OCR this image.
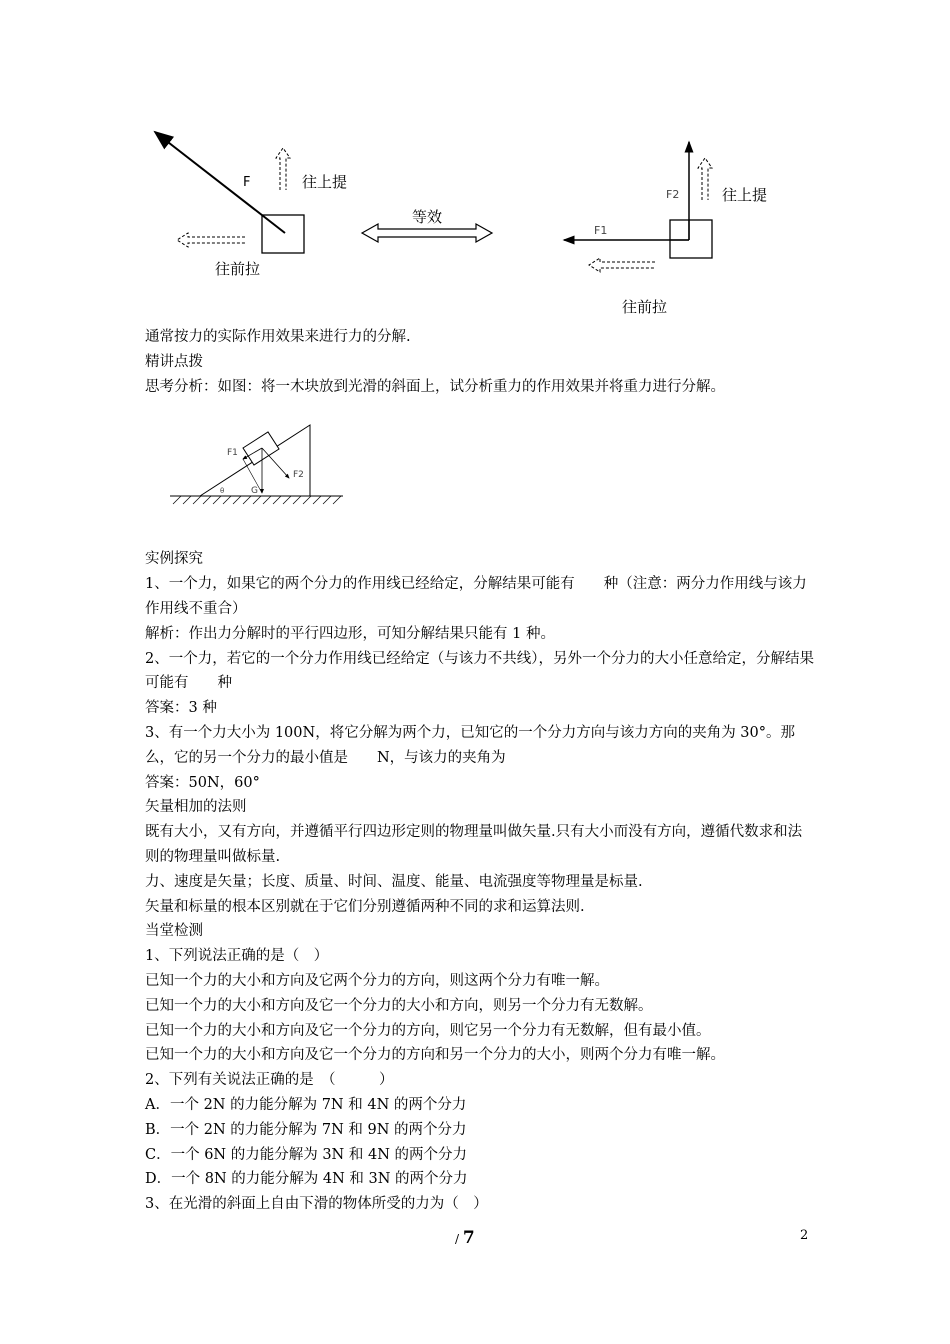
F	往上提
往前拉
等效
F2
F1
往上提
往前拉
F1
F2
θ	G
通常按力的实际作用效果来进行力的分解.
精讲点拨
思考分析：如图：将一木块放到光滑的斜面上，试分析重力的作用效果并将重力进行分解。
实例探究
1、一个力，如果它的两个分力的作用线已经给定，分解结果可能有　　种（注意：两分力作用线与该力作用线不重合）
解析：作出力分解时的平行四边形，可知分解结果只能有 1 种。
2、一个力，若它的一个分力作用线已经给定（与该力不共线），另外一个分力的大小任意给定，分解结果可能有　　种
答案：3 种
3、有一个力大小为 100N，将它分解为两个力，已知它的一个分力方向与该力方向的夹角为 30°。那么，它的另一个分力的最小值是　　N，与该力的夹角为
答案：50N，60°
矢量相加的法则
既有大小，又有方向，并遵循平行四边形定则的物理量叫做矢量.只有大小而没有方向，遵循代数求和法则的物理量叫做标量.
力、速度是矢量；长度、质量、时间、温度、能量、电流强度等物理量是标量.
矢量和标量的根本区别就在于它们分别遵循两种不同的求和运算法则.
当堂检测
1、下列说法正确的是（　）
已知一个力的大小和方向及它两个分力的方向，则这两个分力有唯一解。
已知一个力的大小和方向及它一个分力的大小和方向，则另一个分力有无数解。
已知一个力的大小和方向及它一个分力的方向，则它另一个分力有无数解，但有最小值。
已知一个力的大小和方向及它一个分力的方向和另一个分力的大小，则两个分力有唯一解。
2、下列有关说法正确的是　（　　　）
A．一个 2N 的力能分解为 7N 和 4N 的两个分力
B．一个 2N 的力能分解为 7N 和 9N 的两个分力
C．一个 6N 的力能分解为 3N 和 4N 的两个分力
D．一个 8N 的力能分解为 4N 和 3N 的两个分力
3、在光滑的斜面上自由下滑的物体所受的力为（　）
/ 7	2
